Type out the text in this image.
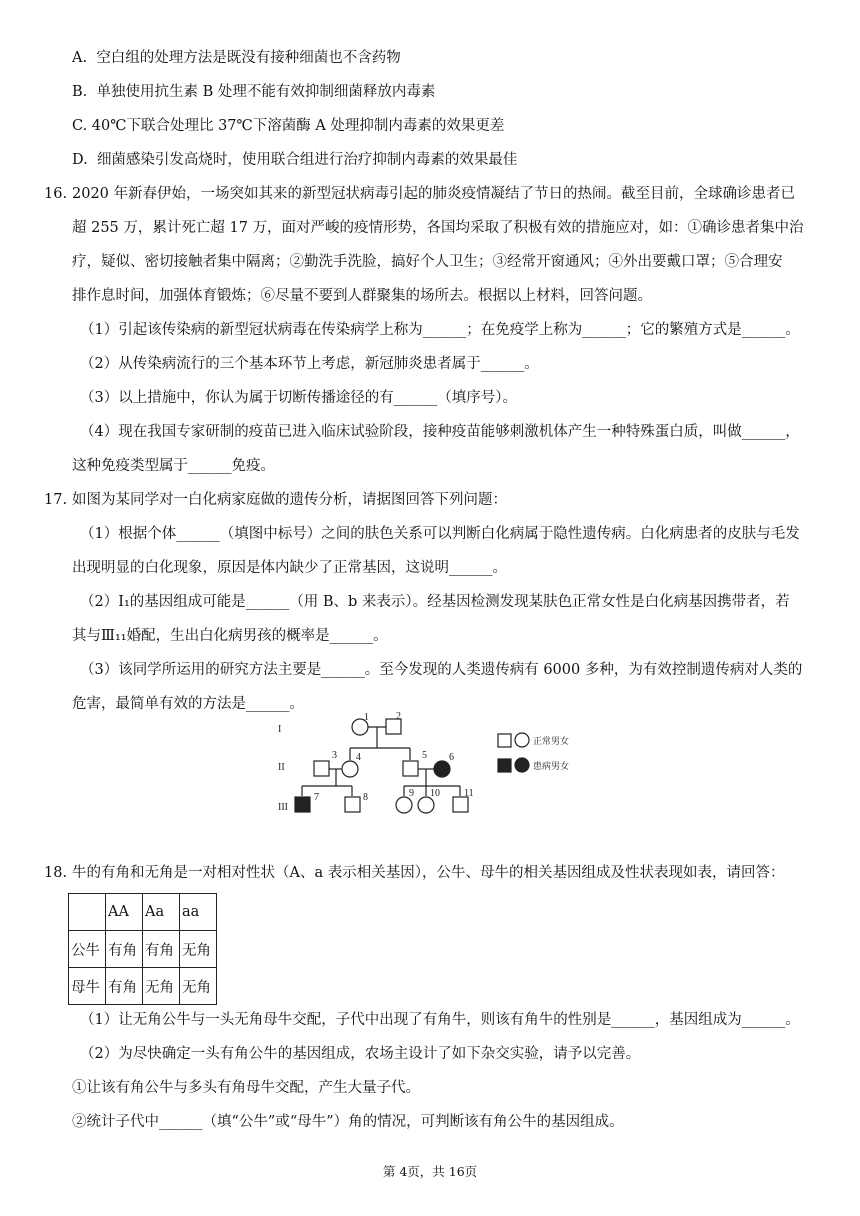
A. 空白组的处理方法是既没有接种细菌也不含药物
B. 单独使用抗生素 B 处理不能有效抑制细菌释放内毒素
C. 40℃下联合处理比 37℃下溶菌酶 A 处理抑制内毒素的效果更差
D. 细菌感染引发高烧时，使用联合组进行治疗抑制内毒素的效果最佳
16. 2020 年新春伊始，一场突如其来的新型冠状病毒引起的肺炎疫情凝结了节日的热闹。截至目前，全球确诊患者已
超 255 万，累计死亡超 17 万，面对严峻的疫情形势，各国均采取了积极有效的措施应对，如：①确诊患者集中治
疗，疑似、密切接触者集中隔离；②勤洗手洗脸，搞好个人卫生；③经常开窗通风；④外出要戴口罩；⑤合理安
排作息时间，加强体育锻炼；⑥尽量不要到人群聚集的场所去。根据以上材料，回答问题。
（1）引起该传染病的新型冠状病毒在传染病学上称为______；在免疫学上称为______；它的繁殖方式是______。
（2）从传染病流行的三个基本环节上考虑，新冠肺炎患者属于______。
（3）以上措施中，你认为属于切断传播途径的有______（填序号）。
（4）现在我国专家研制的疫苗已进入临床试验阶段，接种疫苗能够刺激机体产生一种特殊蛋白质，叫做______，
这种免疫类型属于______免疫。
17. 如图为某同学对一白化病家庭做的遗传分析，请据图回答下列问题：
（1）根据个体______（填图中标号）之间的肤色关系可以判断白化病属于隐性遗传病。白化病患者的皮肤与毛发
出现明显的白化现象，原因是体内缺少了正常基因，这说明______。
（2）Ⅰ₁的基因组成可能是______（用 B、b 来表示）。经基因检测发现某肤色正常女性是白化病基因携带者，若
其与Ⅲ₁₁婚配，生出白化病男孩的概率是______。
（3）该同学所运用的研究方法主要是______。至今发现的人类遗传病有 6000 多种，为有效控制遗传病对人类的
危害，最简单有效的方法是______。
I
II
III
1	2
3 4	5 6
7	8	9 10 11
正常男女
患病男女
18. 牛的有角和无角是一对相对性状（A、a 表示相关基因），公牛、母牛的相关基因组成及性状表现如表，请回答：
	AA	Aa	aa
公牛	有角	有角	无角
母牛	有角	无角	无角
（1）让无角公牛与一头无角母牛交配，子代中出现了有角牛，则该有角牛的性别是______，基因组成为______。
（2）为尽快确定一头有角公牛的基因组成，农场主设计了如下杂交实验，请予以完善。
①让该有角公牛与多头有角母牛交配，产生大量子代。
②统计子代中______（填“公牛”或“母牛”）角的情况，可判断该有角公牛的基因组成。
第 4页，共 16页
